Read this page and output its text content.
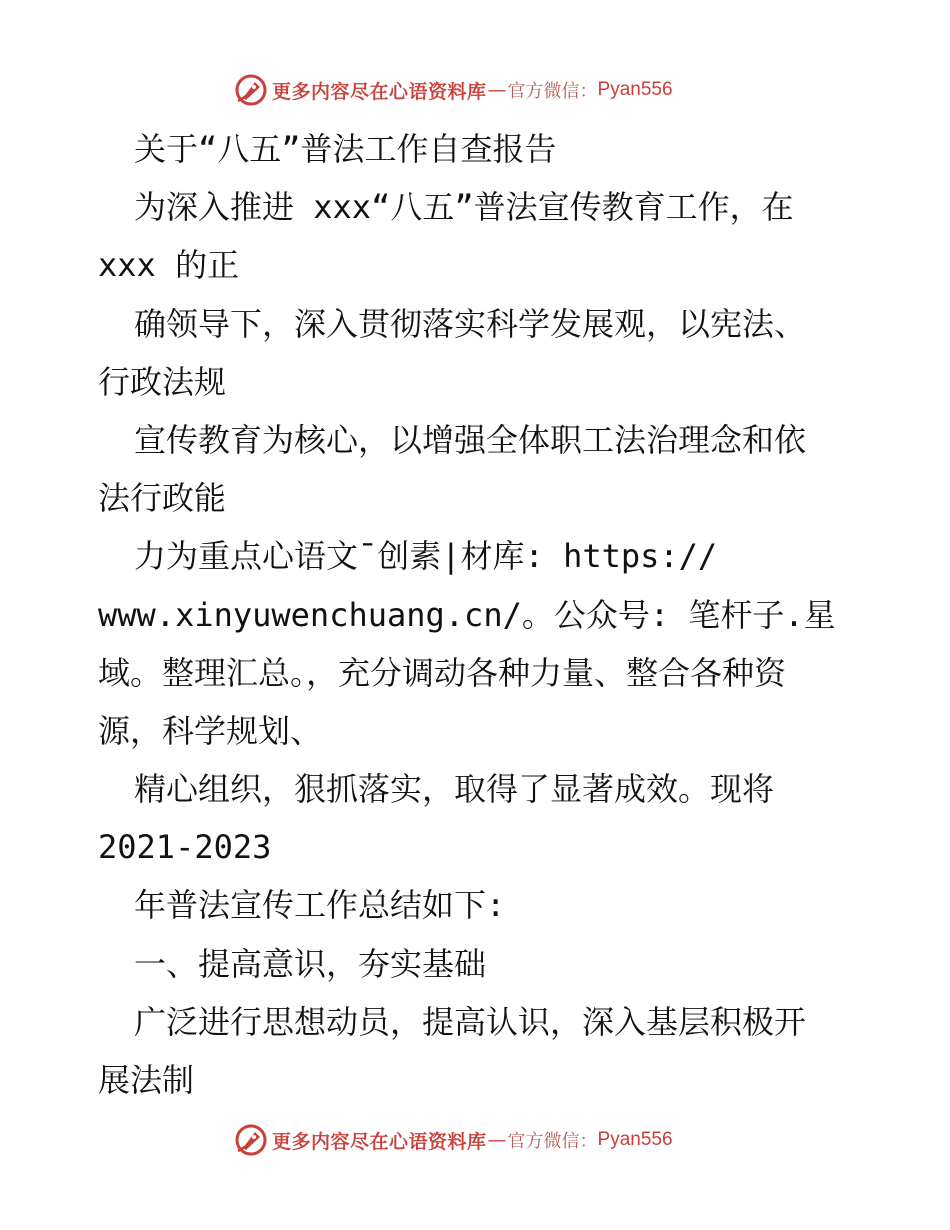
更多内容尽在心语资料库 — 官方微信： Pyan556
关于“八五”普法工作自查报告
为深入推进 xxx“八五”普法宣传教育工作，在
xxx 的正
确领导下，深入贯彻落实科学发展观，以宪法、
行政法规
宣传教育为核心，以增强全体职工法治理念和依
法行政能
力为重点心语文¯创素|材库: https://
www.xinyuwenchuang.cn/。公众号: 笔杆子.星
域。整理汇总。，充分调动各种力量、整合各种资
源，科学规划、
精心组织，狠抓落实，取得了显著成效。现将
2021-2023
年普法宣传工作总结如下:
一、提高意识，夯实基础
广泛进行思想动员，提高认识，深入基层积极开
展法制
更多内容尽在心语资料库 — 官方微信： Pyan556
